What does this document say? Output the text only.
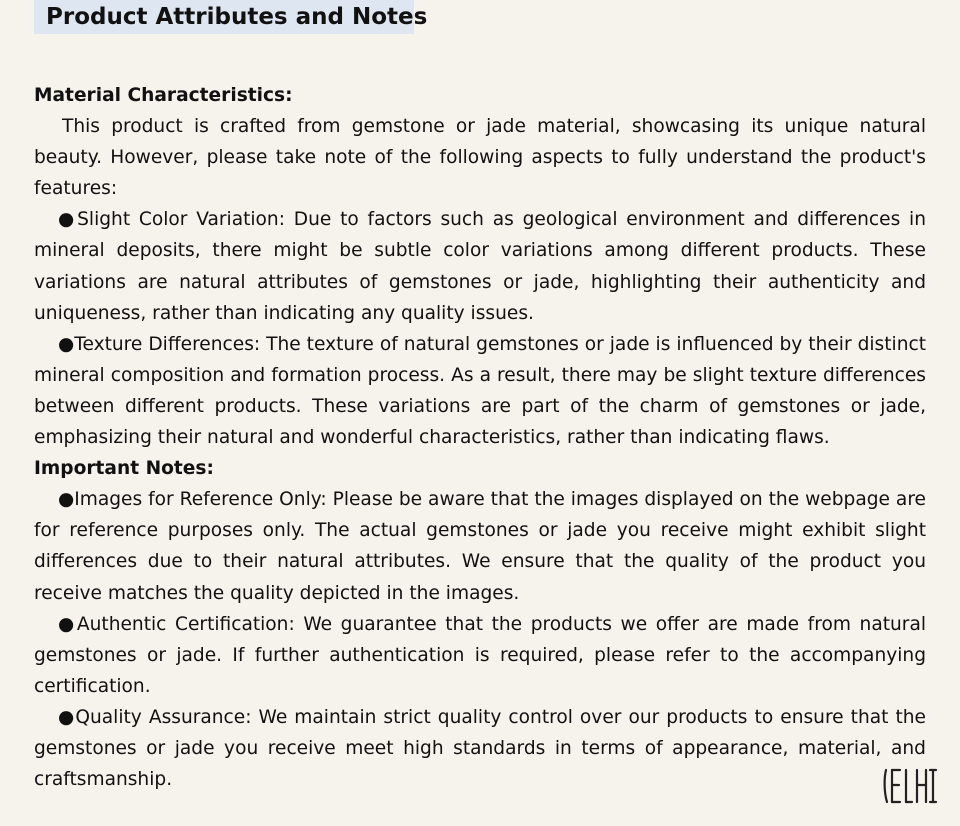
Product Attributes and Notes

Material Characteristics:

This product is crafted from gemstone or jade material, showcasing its unique natural beauty. However, please take note of the following aspects to fully understand the product's features:

●Slight Color Variation: Due to factors such as geological environment and differences in mineral deposits, there might be subtle color variations among different products. These variations are natural attributes of gemstones or jade, highlighting their authenticity and uniqueness, rather than indicating any quality issues.

●Texture Differences: The texture of natural gemstones or jade is influenced by their distinct mineral composition and formation process. As a result, there may be slight texture differences between different products. These variations are part of the charm of gemstones or jade, emphasizing their natural and wonderful characteristics, rather than indicating flaws.

Important Notes:

●Images for Reference Only: Please be aware that the images displayed on the webpage are for reference purposes only. The actual gemstones or jade you receive might exhibit slight differences due to their natural attributes. We ensure that the quality of the product you receive matches the quality depicted in the images.

●Authentic Certification: We guarantee that the products we offer are made from natural gemstones or jade. If further authentication is required, please refer to the accompanying certification.

●Quality Assurance: We maintain strict quality control over our products to ensure that the gemstones or jade you receive meet high standards in terms of appearance, material, and craftsmanship.
